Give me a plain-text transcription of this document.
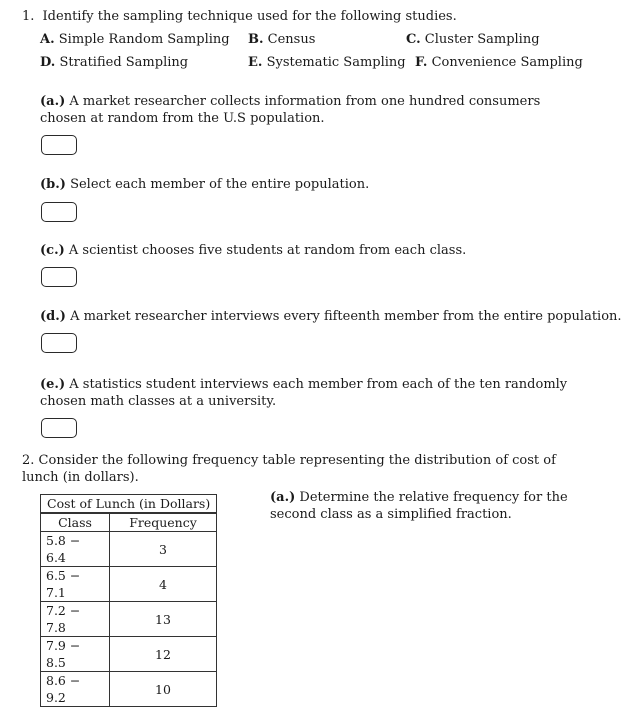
1. Identify the sampling technique used for the following studies.
A. Simple Random Sampling B. Census	C. Cluster Sampling
D. Stratified Sampling	E. Systematic Sampling F. Convenience Sampling
(a.) A market researcher collects information from one hundred consumers chosen at random from the U.S population.
(b.) Select each member of the entire population.
(c.) A scientist chooses five students at random from each class.
(d.) A market researcher interviews every fifteenth member from the entire population.
(e.) A statistics student interviews each member from each of the ten randomly chosen math classes at a university.
2. Consider the following frequency table representing the distribution of cost of lunch (in dollars).
Cost of Lunch (in Dollars)	
Class	Frequency
5.8 − 6.4	3
6.5 − 7.1	4
7.2 − 7.8	13
7.9 − 8.5	12
8.6 − 9.2	10
(a.) Determine the relative frequency for the second class as a simplified fraction.
